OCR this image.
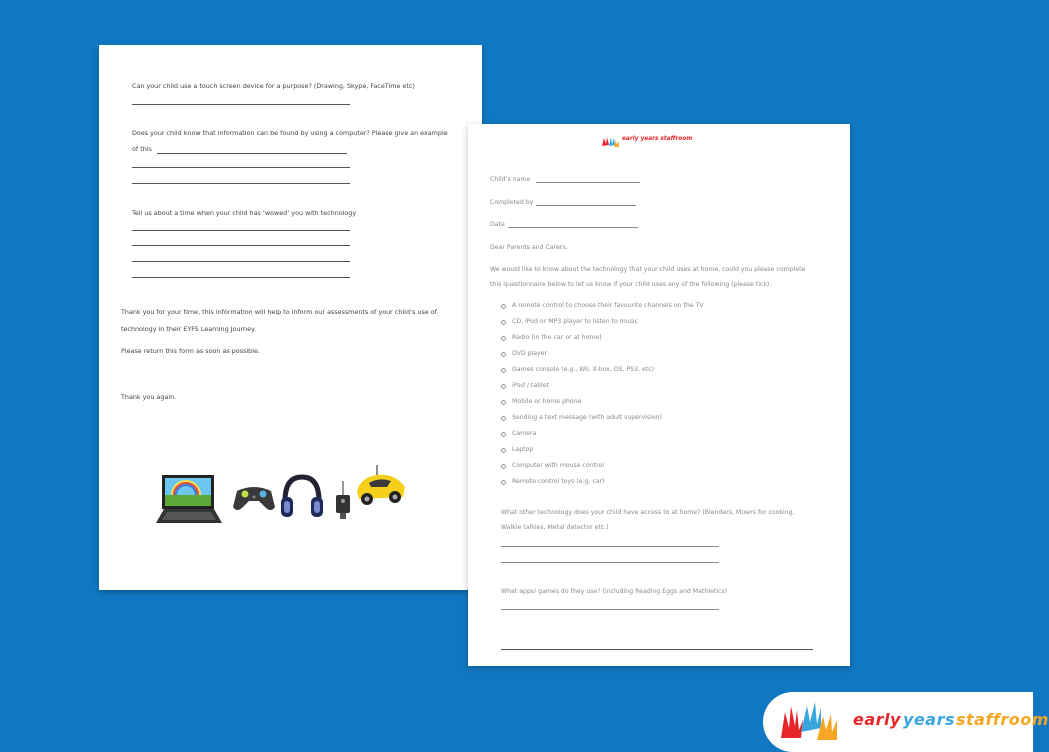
Can your child use a touch screen device for a purpose? (Drawing, Skype, FaceTime etc)
Does your child know that information can be found by using a computer? Please give an example
of this
Tell us about a time when your child has ‘wowed’ you with technology
Thank you for your time, this information will help to inform our assessments of your child’s use of
technology in their EYFS Learning Journey.
Please return this form as soon as possible.
Thank you again.
early years staffroom
Child’s name
Completed by
Date
Dear Parents and Carers,
We would like to know about the technology that your child uses at home, could you please complete
this questionnaire below to let us know if your child uses any of the following (please tick).
A remote control to choose their favourite channels on the TV
CD, iPod or MP3 player to listen to music
Radio (in the car or at home)
DVD player
Games console (e.g., Wii, X-box, DS, PS3, etc)
iPad / tablet
Mobile or home phone
Sending a text message (with adult supervision)
Camera
Laptop
Computer with mouse control
Remote control toys (e.g. car)
What other technology does your child have access to at home? (Blenders, Mixers for cooking,
Walkie talkies, Metal detector etc.)
What apps/ games do they use? (including Reading Eggs and Mathletics)
early years staffroom
